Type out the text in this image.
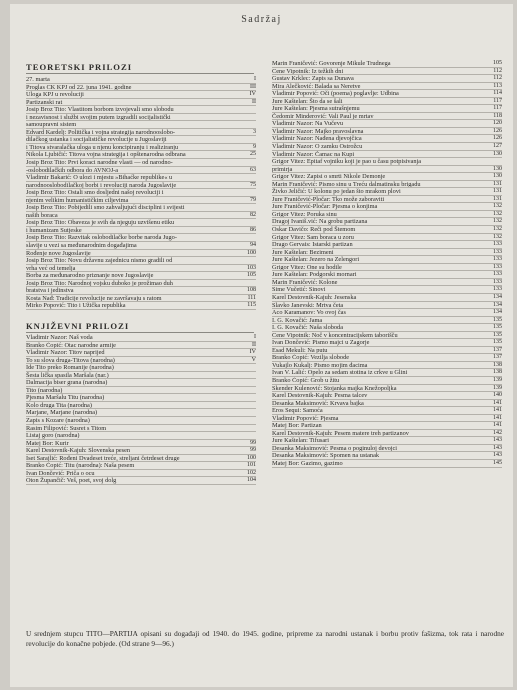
Sadržaj
TEORETSKI PRILOZI
27. marta	I
Proglas CK KPJ od 22. juna 1941. godine	III
Uloga KPJ u revoluciji	IV
Partizanski rat	II
Josip Broz Tito: Vlastitom borbom izvojevali smo slobodu
i nezavisnost i službi svojim putem izgradili socijalistički
samoupravni sistem
Edvard Kardelj: Politička i vojna strategija narodnooslobo-	3
dilačkog ustanka i socijalističke revolucije u Jugoslaviji
i Titova stvaralačka uloga u njenu koncipiranju i realiziranju	9
Nikola Ljubičić: Titova vojna strategija i opštenarodna odbrana	25
Josip Broz Tito: Prvi koraci narodne vlasti — od narodno-
-oslobodilačkih odbora do AVNOJ-a	63
Vladimir Bakarić: O ulozi i mjestu »Bihaćke republike« u
narodnooslobodilačkoj borbi i revoluciji naroda Jugoslavije	75
Josip Broz Tito: Ostali smo dosljedni našoj revoluciji i
njenim velikim humanističkim ciljevima	79
Josip Broz Tito: Pobijedili smo zahvaljujući disciplini i svijesti
naših boraca	82
Josip Broz Tito: Obaveza je svih da njeguju uzvišenu etiku
i humanizam Sutjeske	86
Josip Broz Tito: Razvitak oslobodilačke borbe naroda Jugo-
slavije u vezi sa međunarodnim događajima	94
Rođenje nove Jugoslavije	100
Josip Broz Tito: Novu državnu zajednicu nismo gradili od
vrha već od temelja	103
Borba za međunarodno priznanje nove Jugoslavije	105
Josip Broz Tito: Narodnoj vojsku duboko je prožimao duh
bratstva i jedinstva	108
Kosta Nađ: Tradicije revolucije ne završavaju s ratom	111
Mirko Popović: Tito i Užička republika	115
KNJIŽEVNI PRILOZI
Vladimir Nazor: Naš voda	I
Branko Ćopić: Otac narodne armije	II
Vladimir Nazor: Titov naprijed	IV
To su slova druga-Titova (narodna)	V
Ide Tito preko Romanije (narodna)
Šesta lička spasila Maršala (nar.)
Dalmacija biser grana (narodna)
Tito (narodna)
Pjesma Maršalu Titu (narodna)
Kolo druga Tita (narodna)
Marjane, Marjane (narodna)
Zapis s Kozare (narodna)
Rasim Filipović: Susret s Titom
Listaj goro (narodna)
Matej Bor: Kurir	99
Karel Destovnik-Kajuh: Slovenska pesen	99
Iset Sarajlić: Rođeni Dvadeset treće, streljani četrdeset druge	100
Branko Ćopić: Titu (narodna): Naša pesem	101
Ivan Dončević: Priča o ocu	102
Oton Župančič: Veš, poet, svoj dolg	104
Marin Franičević: Govorenje Mikule Trudnega	105
Cene Vipotnik: Iz težkih dni	112
Gustav Krklec: Zapis sa Dunava	112
Mira Alečković: Balada sa Neretve	113
Vladimir Popović: Oči (poema) poglavlje: Udbina	114
Jure Kaštelan: Što da se šali	117
Jure Kaštelan: Pjesma sutrašnjemu	117
Čedomir Minderović: Vali Paul je mrtav	118
Vladimir Nazor: Na Vučevu	120
Vladimir Nazor: Majko pravoslavna	126
Vladimir Nazor: Nađena djevojčica	126
Vladimir Nazor: O zamku Ostrožcu	127
Vladimir Nazor: Čamac na Kupi	130
Grigor Vitez: Epitaf vojniku koji je pao u času potpisivanja
primirja	130
Grigor Vitez: Zapisi o smrti Nikole Demonje	130
Marin Franičević: Pismo sinu u Treću dalmatinsku brigadu	131
Živko Jeličić: U kolonu po jedan što mrakom plovi	131
Jure Franičević-Pločar: Tko može zaboraviti	131
Jure Franičević-Pločar: Pjesma o konjima	132
Grigor Vitez: Poruka sinu	132
Dragoj Ivaniš.vić: Na grobu partizana	132
Oskar Davičo: Reči pod Štemom	132
Grigor Vitez: Sam boraca u zoru	132
Drago Gervais: Istarski partizan	133
Jure Kaštelan: Bezimeni	133
Jure Kaštelan: Jezero na Zelengori	133
Grigor Vitez: One su hodile	133
Jure Kaštelan: Podgorski mornari	133
Marin Franičević: Kolone	133
Sime Vučetić: Sinovi	133
Karel Destovnik-Kajuh: Jesenska	134
Slavko Janevski: Mrtva četa	134
Aco Karamanov: Vo ovoj čas	134
I. G. Kovačić: Jama	135
I. G. Kovačić: Naša sloboda	135
Cene Vipotnik: Noč v koncentracijskem taborišču	135
Ivan Dončević: Pismo majci u Zagorje	135
Esad Mekuli: Na putu	137
Branko Ćopić: Vezilja slobode	137
Vukajlo Kukalj: Pismo mojim đacima	138
Ivan V. Lalić: Opelo za sedam stotina iz crkve u Glini	138
Branko Ćopić: Grob u žitu	139
Skender Kulenović: Stojanka majka Knežopoljka	139
Karel Destovnik-Kajuh: Pesma talcev	140
Desanka Maksimović: Krvava bajka	141
Eros Sequi: Samoća	141
Vladimir Popović: Pjesma	141
Matej Bor: Partizan	141
Karel Destovnik-Kajuh: Pesem matere treh partizanov	142
Jure Kaštelan: Tifusari	143
Desanka Maksimović: Pesma o poginuloj devojci	143
Desanka Maksimović: Spomen na ustanak	143
Matej Bor: Gazimo, gazimo	145
U srednjem stupcu TITO—PARTIJA opisani su događaji od 1940. do 1945. godine, pripreme za narodni ustanak i borbu protiv fašizma, tok rata i narodne revolucije do konačne pobjede. (Od strane 9—96.)
